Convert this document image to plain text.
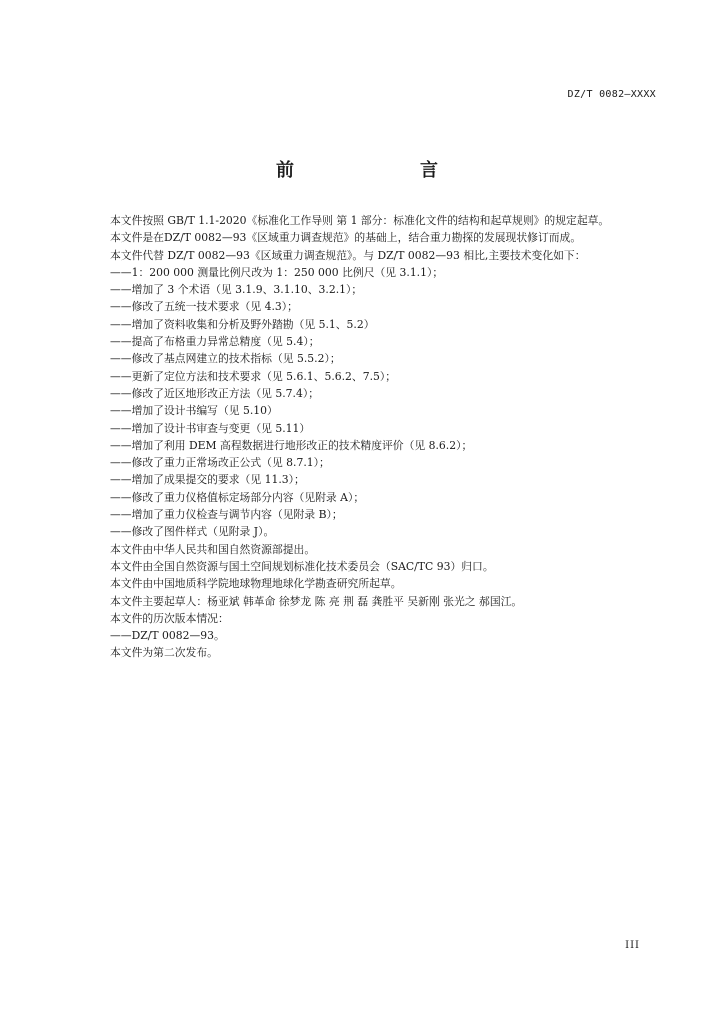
DZ/T 0082—XXXX
前　　言

本文件按照 GB/T 1.1-2020《标准化工作导则 第 1 部分：标准化文件的结构和起草规则》的规定起草。

本文件是在DZ/T 0082—93《区域重力调查规范》的基础上，结合重力勘探的发展现状修订而成。

本文件代替 DZ/T 0082—93《区域重力调查规范》。与 DZ/T 0082—93 相比,主要技术变化如下：

——1：200 000 测量比例尺改为 1：250 000 比例尺（见 3.1.1）；

——增加了 3 个术语（见 3.1.9、3.1.10、3.2.1）；

——修改了五统一技术要求（见 4.3）；

——增加了资料收集和分析及野外踏勘（见 5.1、5.2）

——提高了布格重力异常总精度（见 5.4）；

——修改了基点网建立的技术指标（见 5.5.2）；

——更新了定位方法和技术要求（见 5.6.1、5.6.2、7.5）；

——修改了近区地形改正方法（见 5.7.4）；

——增加了设计书编写（见 5.10）

——增加了设计书审查与变更（见 5.11）

——增加了利用 DEM 高程数据进行地形改正的技术精度评价（见 8.6.2）；

——修改了重力正常场改正公式（见 8.7.1）；

——增加了成果提交的要求（见 11.3）；

——修改了重力仪格值标定场部分内容（见附录 A）；

——增加了重力仪检查与调节内容（见附录 B）；

——修改了图件样式（见附录 J）。

本文件由中华人民共和国自然资源部提出。

本文件由全国自然资源与国土空间规划标准化技术委员会（SAC/TC 93）归口。

本文件由中国地质科学院地球物理地球化学勘查研究所起草。

本文件主要起草人：杨亚斌 韩革命 徐梦龙 陈 亮 荆 磊 龚胜平 吴新刚 张光之 郝国江。

本文件的历次版本情况：

——DZ/T 0082—93。

本文件为第二次发布。

III
